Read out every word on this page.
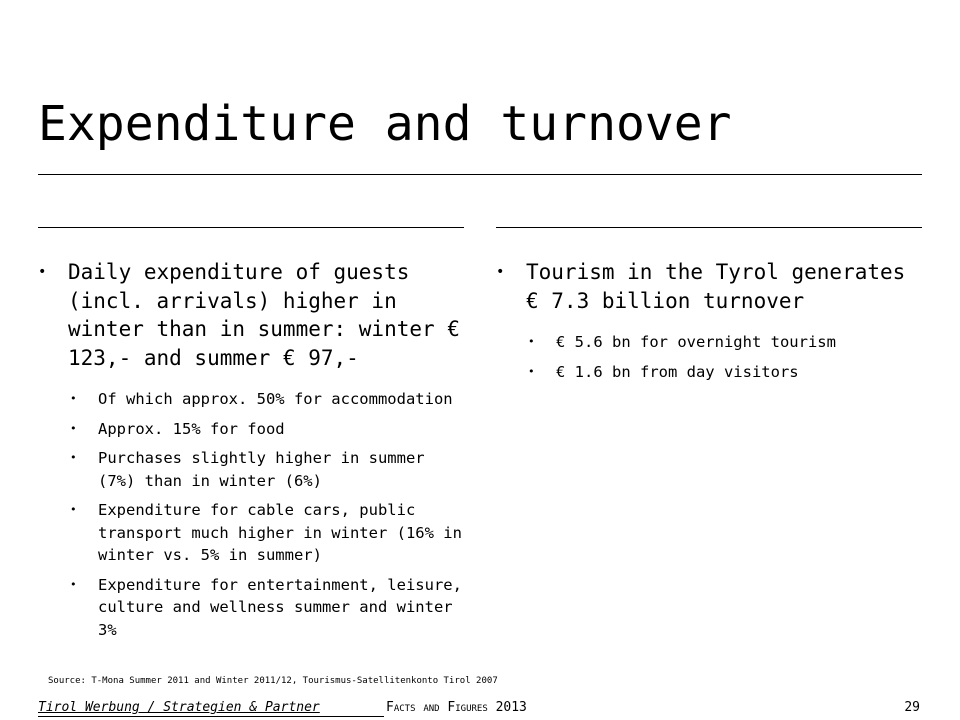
Expenditure and turnover
• Daily expenditure of guests (incl. arrivals) higher in winter than in summer: winter € 123,- and summer € 97,-
• Of which approx. 50% for accommodation
• Approx. 15% for food
• Purchases slightly higher in summer (7%) than in winter (6%)
• Expenditure for cable cars, public transport much higher in winter (16% in winter vs. 5% in summer)
• Expenditure for entertainment, leisure, culture and wellness summer and winter 3%
• Tourism in the Tyrol generates € 7.3 billion turnover
• € 5.6 bn for overnight tourism
• € 1.6 bn from day visitors
Source: T-Mona Summer 2011 and Winter 2011/12, Tourismus-Satellitenkonto Tirol 2007
Tirol Werbung / Strategien & Partner	Facts and Figures 2013	29
